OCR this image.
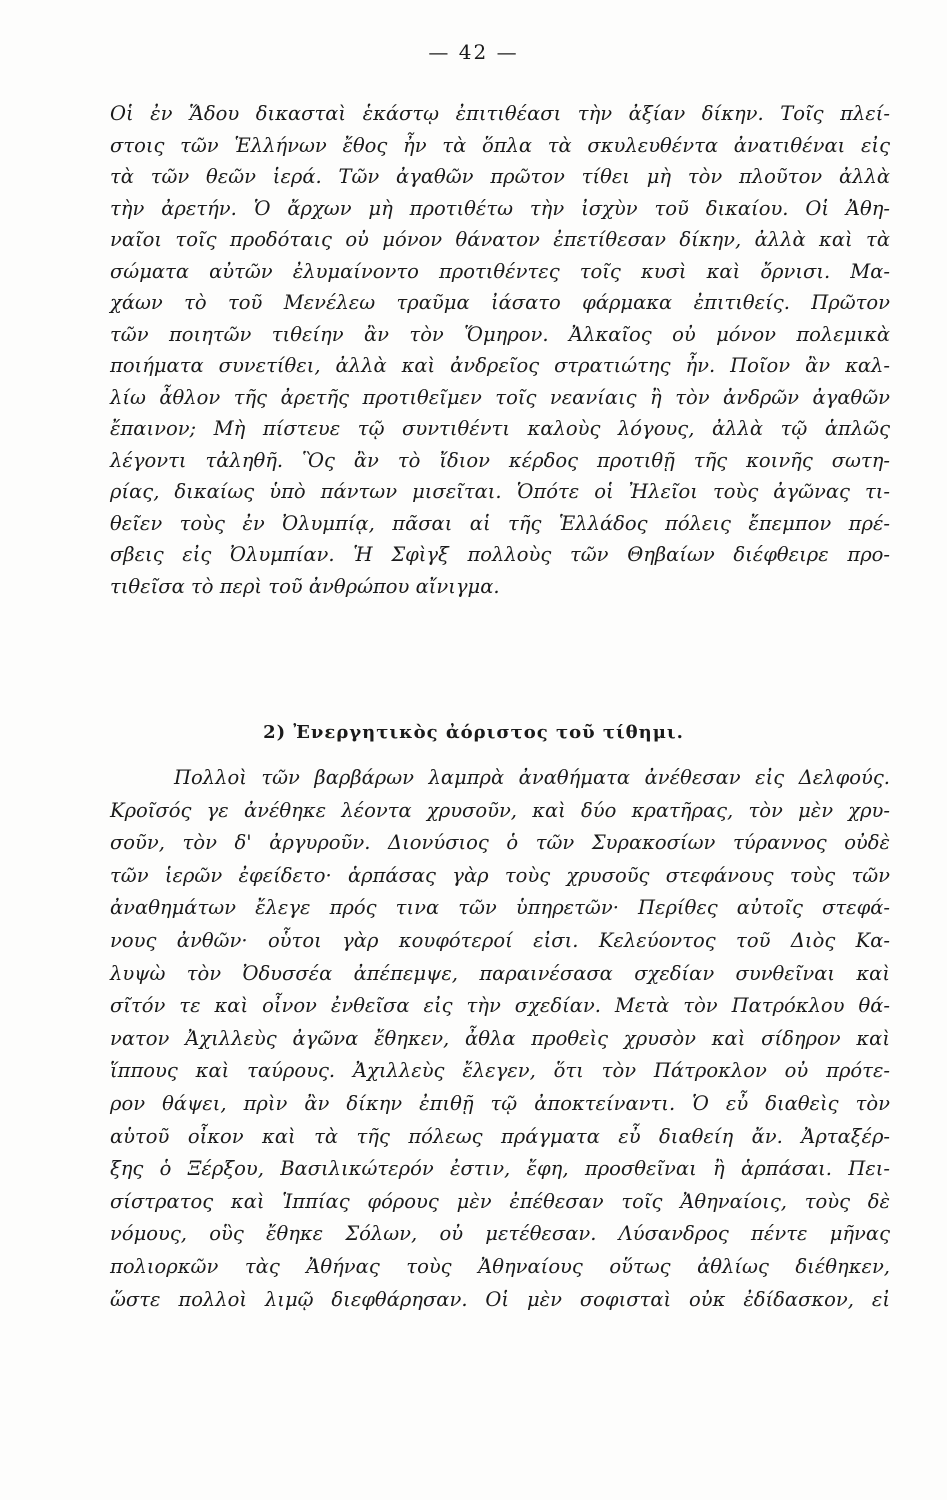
— 42 —
Οἱ ἐν Ἅδου δικασταὶ ἑκάστῳ ἐπιτιθέασι τὴν ἀξίαν δίκην. Τοῖς πλεί-
στοις τῶν Ἑλλήνων ἔθος ἦν τὰ ὅπλα τὰ σκυλευθέντα ἀνατιθέναι εἰς
τὰ τῶν θεῶν ἱερά. Τῶν ἀγαθῶν πρῶτον τίθει μὴ τὸν πλοῦτον ἀλλὰ
τὴν ἀρετήν. Ὁ ἄρχων μὴ προτιθέτω τὴν ἰσχὺν τοῦ δικαίου. Οἱ Ἀθη-
ναῖοι τοῖς προδόταις οὐ μόνον θάνατον ἐπετίθεσαν δίκην, ἀλλὰ καὶ τὰ
σώματα αὐτῶν ἐλυμαίνοντο προτιθέντες τοῖς κυσὶ καὶ ὄρνισι. Μα-
χάων τὸ τοῦ Μενέλεω τραῦμα ἰάσατο φάρμακα ἐπιτιθείς. Πρῶτον
τῶν ποιητῶν τιθείην ἂν τὸν Ὅμηρον. Ἀλκαῖος οὐ μόνον πολεμικὰ
ποιήματα συνετίθει, ἀλλὰ καὶ ἀνδρεῖος στρατιώτης ἦν. Ποῖον ἂν καλ-
λίω ἆθλον τῆς ἀρετῆς προτιθεῖμεν τοῖς νεανίαις ἢ τὸν ἀνδρῶν ἀγαθῶν
ἔπαινον; Μὴ πίστευε τῷ συντιθέντι καλοὺς λόγους, ἀλλὰ τῷ ἁπλῶς
λέγοντι τἀληθῆ. Ὃς ἂν τὸ ἴδιον κέρδος προτιθῇ τῆς κοινῆς σωτη-
ρίας, δικαίως ὑπὸ πάντων μισεῖται. Ὁπότε οἱ Ἠλεῖοι τοὺς ἀγῶνας τι-
θεῖεν τοὺς ἐν Ὀλυμπίᾳ, πᾶσαι αἱ τῆς Ἑλλάδος πόλεις ἔπεμπον πρέ-
σβεις εἰς Ὀλυμπίαν. Ἡ Σφὶγξ πολλοὺς τῶν Θηβαίων διέφθειρε προ-
τιθεῖσα τὸ περὶ τοῦ ἀνθρώπου αἴνιγμα.
2) Ἐνεργητικὸς ἀόριστος τοῦ τίθημι.
Πολλοὶ τῶν βαρβάρων λαμπρὰ ἀναθήματα ἀνέθεσαν εἰς Δελφούς.
Κροῖσός γε ἀνέθηκε λέοντα χρυσοῦν, καὶ δύο κρατῆρας, τὸν μὲν χρυ-
σοῦν, τὸν δ' ἀργυροῦν. Διονύσιος ὁ τῶν Συρακοσίων τύραννος οὐδὲ
τῶν ἱερῶν ἐφείδετο· ἁρπάσας γὰρ τοὺς χρυσοῦς στεφάνους τοὺς τῶν
ἀναθημάτων ἔλεγε πρός τινα τῶν ὑπηρετῶν· Περίθες αὐτοῖς στεφά-
νους ἀνθῶν· οὗτοι γὰρ κουφότεροί εἰσι. Κελεύοντος τοῦ Διὸς Κα-
λυψὼ τὸν Ὀδυσσέα ἀπέπεμψε, παραινέσασα σχεδίαν συνθεῖναι καὶ
σῖτόν τε καὶ οἶνον ἐνθεῖσα εἰς τὴν σχεδίαν. Μετὰ τὸν Πατρόκλου θά-
νατον Ἀχιλλεὺς ἀγῶνα ἔθηκεν, ἆθλα προθεὶς χρυσὸν καὶ σίδηρον καὶ
ἵππους καὶ ταύρους. Ἀχιλλεὺς ἔλεγεν, ὅτι τὸν Πάτροκλον οὐ πρότε-
ρον θάψει, πρὶν ἂν δίκην ἐπιθῇ τῷ ἀποκτείναντι. Ὁ εὖ διαθεὶς τὸν
αὑτοῦ οἶκον καὶ τὰ τῆς πόλεως πράγματα εὖ διαθείη ἄν. Ἀρταξέρ-
ξης ὁ Ξέρξου, Βασιλικώτερόν ἐστιν, ἔφη, προσθεῖναι ἢ ἁρπάσαι. Πει-
σίστρατος καὶ Ἱππίας φόρους μὲν ἐπέθεσαν τοῖς Ἀθηναίοις, τοὺς δὲ
νόμους, οὓς ἔθηκε Σόλων, οὐ μετέθεσαν. Λύσανδρος πέντε μῆνας
πολιορκῶν τὰς Ἀθήνας τοὺς Ἀθηναίους οὕτως ἀθλίως διέθηκεν,
ὥστε πολλοὶ λιμῷ διεφθάρησαν. Οἱ μὲν σοφισταὶ οὐκ ἐδίδασκον, εἰ
